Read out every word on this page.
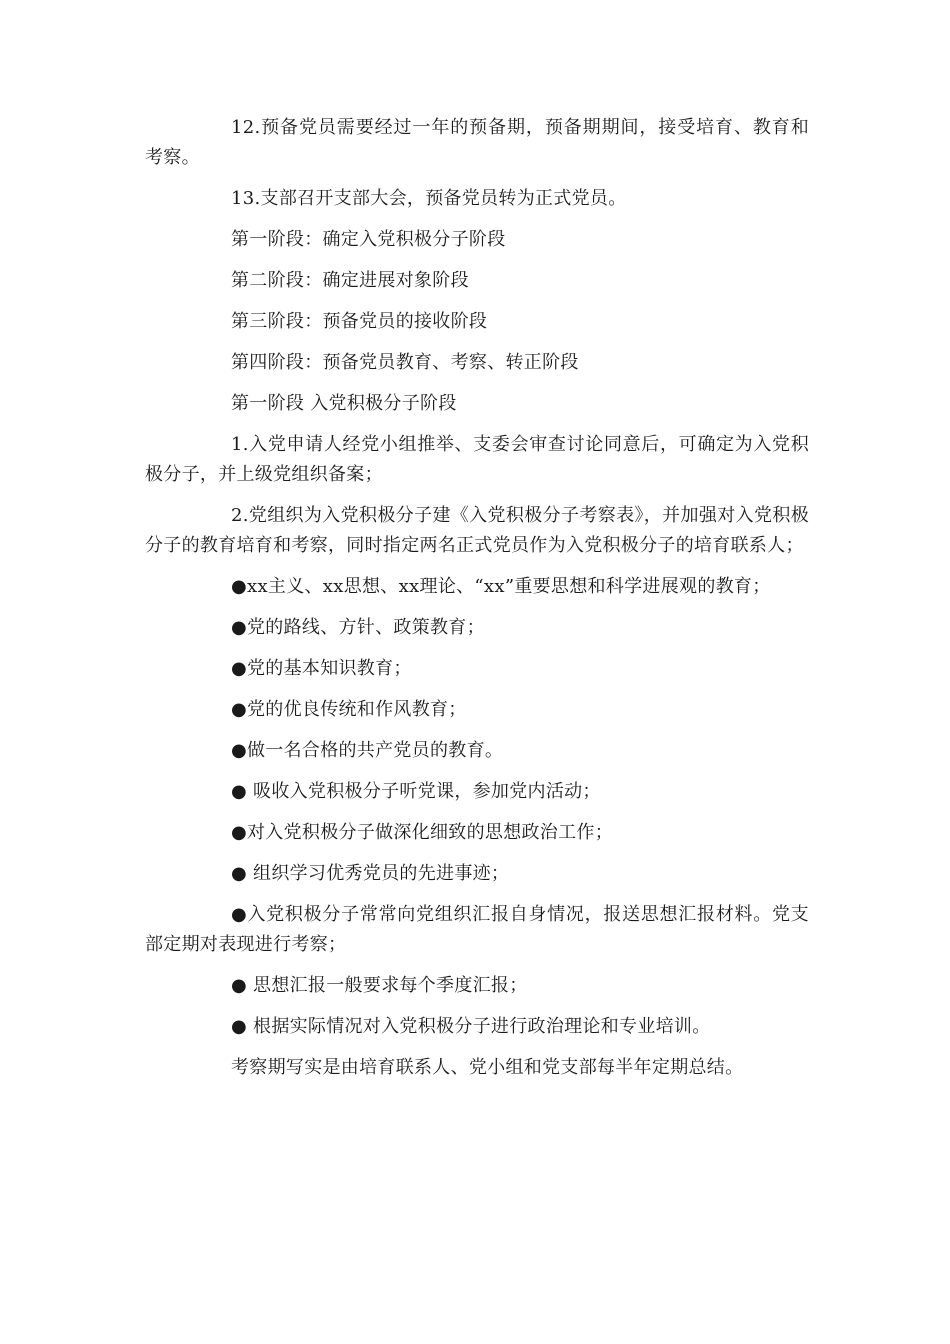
12.预备党员需要经过一年的预备期，预备期期间，接受培育、教育和考察。

13.支部召开支部大会，预备党员转为正式党员。

第一阶段：确定入党积极分子阶段

第二阶段：确定进展对象阶段

第三阶段：预备党员的接收阶段

第四阶段：预备党员教育、考察、转正阶段

第一阶段 入党积极分子阶段

1.入党申请人经党小组推举、支委会审查讨论同意后，可确定为入党积极分子，并上级党组织备案；

2.党组织为入党积极分子建《入党积极分子考察表》，并加强对入党积极分子的教育培育和考察，同时指定两名正式党员作为入党积极分子的培育联系人；

●xx主义、xx思想、xx理论、“xx”重要思想和科学进展观的教育；

●党的路线、方针、政策教育；

●党的基本知识教育；

●党的优良传统和作风教育；

●做一名合格的共产党员的教育。

● 吸收入党积极分子听党课，参加党内活动；

●对入党积极分子做深化细致的思想政治工作；

● 组织学习优秀党员的先进事迹；

●入党积极分子常常向党组织汇报自身情况，报送思想汇报材料。党支部定期对表现进行考察；

● 思想汇报一般要求每个季度汇报；

● 根据实际情况对入党积极分子进行政治理论和专业培训。

考察期写实是由培育联系人、党小组和党支部每半年定期总结。
